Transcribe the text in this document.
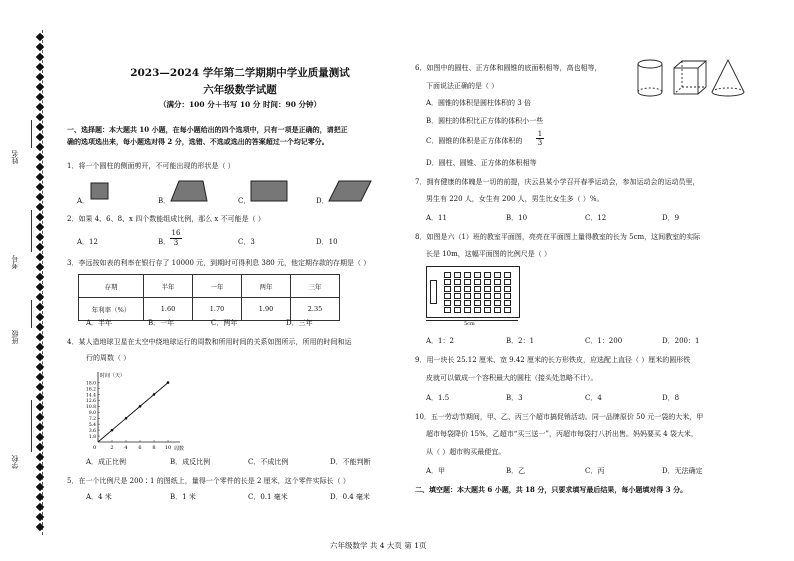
姓名
考号
班级
学校
2023—2024 学年第二学期期中学业质量测试
六年级数学试题
（满分：100 分＋书写 10 分 时间：90 分钟）
一、选择题：本大题共 10 小题，在每小题给出的四个选项中，只有一项是正确的，请把正
确的选项选出来，每小题选对得 2 分，选错、不选或选出的答案超过一个均记零分。
1．将一个圆柱的侧面剪开，不可能出现的形状是（ ）
A．	B．	C．	D．
2．如果 4、6、8、x 四个数能组成比例，那么 x 不可能是（ ）
A．12	B． $\frac{16}{3}$	C．3	D．10
3．李远按如表的利率在银行存了 10000 元，到期时可得利息 380 元，他定期存款的存期是（ ）
存期	半年	一年	两年	三年
年利率（%）	1.60	1.70	1.90	2.35
A．半年	B．一年	C．两年	D．三年
4．某人造地球卫星在太空中绕地球运行的周数和所用时间的关系如图所示，所用的时间和运
行的周数（ ）
时间（天）
周数
0
18.0
16.2
14.4
12.6
10.8
9.0
7.2
5.4
3.6
1.8
2 4 6 8 10
A．成正比例	B．成反比例	C．不成比例	D．不能判断
5．在一个比例尺是 200∶1 的图纸上，量得一个零件的长是 2 厘米，这个零件实际长（ ）
A．4 米	B．1 米	C．0.1 毫米	D．0.4 毫米
6．如图中的圆柱、正方体和圆锥的底面积相等，高也相等，
下面说法正确的是（ ）
A．圆锥的体积是圆柱体积的 3 倍
B．圆柱的体积比正方体的体积小一些
C．圆锥的体积是正方体体积的 $\frac{1}{3}$
D．圆柱、圆锥、正方体的体积相等
7．拥有健康的体魄是一切的前提，庆云县某小学召开春季运动会，参加运动会的运动员里，
男生有 220 人，女生有 200 人，男生比女生多（ ）%。
A．11	B．10	C．12	D．9
8．如图是六（1）班的教室平面图，亮亮在平面图上量得教室的长为 5cm，这间教室的实际
长是 10m，这幅平面图的比例尺是（ ）
5cm
A．1：2	B．2：1	C．1：200	D．200：1
9．用一块长 25.12 厘米、宽 9.42 厘米的长方形铁皮，应选配上直径（ ）厘米的圆形铁
皮就可以做成一个容积最大的圆柱（接头处忽略不计）。
A．1.5	B．3	C．4	D．8
10．五一劳动节期间，甲、乙、丙三个超市搞促销活动。同一品牌原价 50 元一袋的大米，甲
超市每袋降价 15%，乙超市“买三送一”，丙超市每袋打八折出售。妈妈要买 4 袋大米，
从（ ）超市购买最便宜。
A．甲	B．乙	C．丙	D．无法确定
二、填空题：本大题共 6 小题，共 18 分，只要求填写最后结果，每小题填对得 3 分。
六年级数学 共 4 大页 第 1页
